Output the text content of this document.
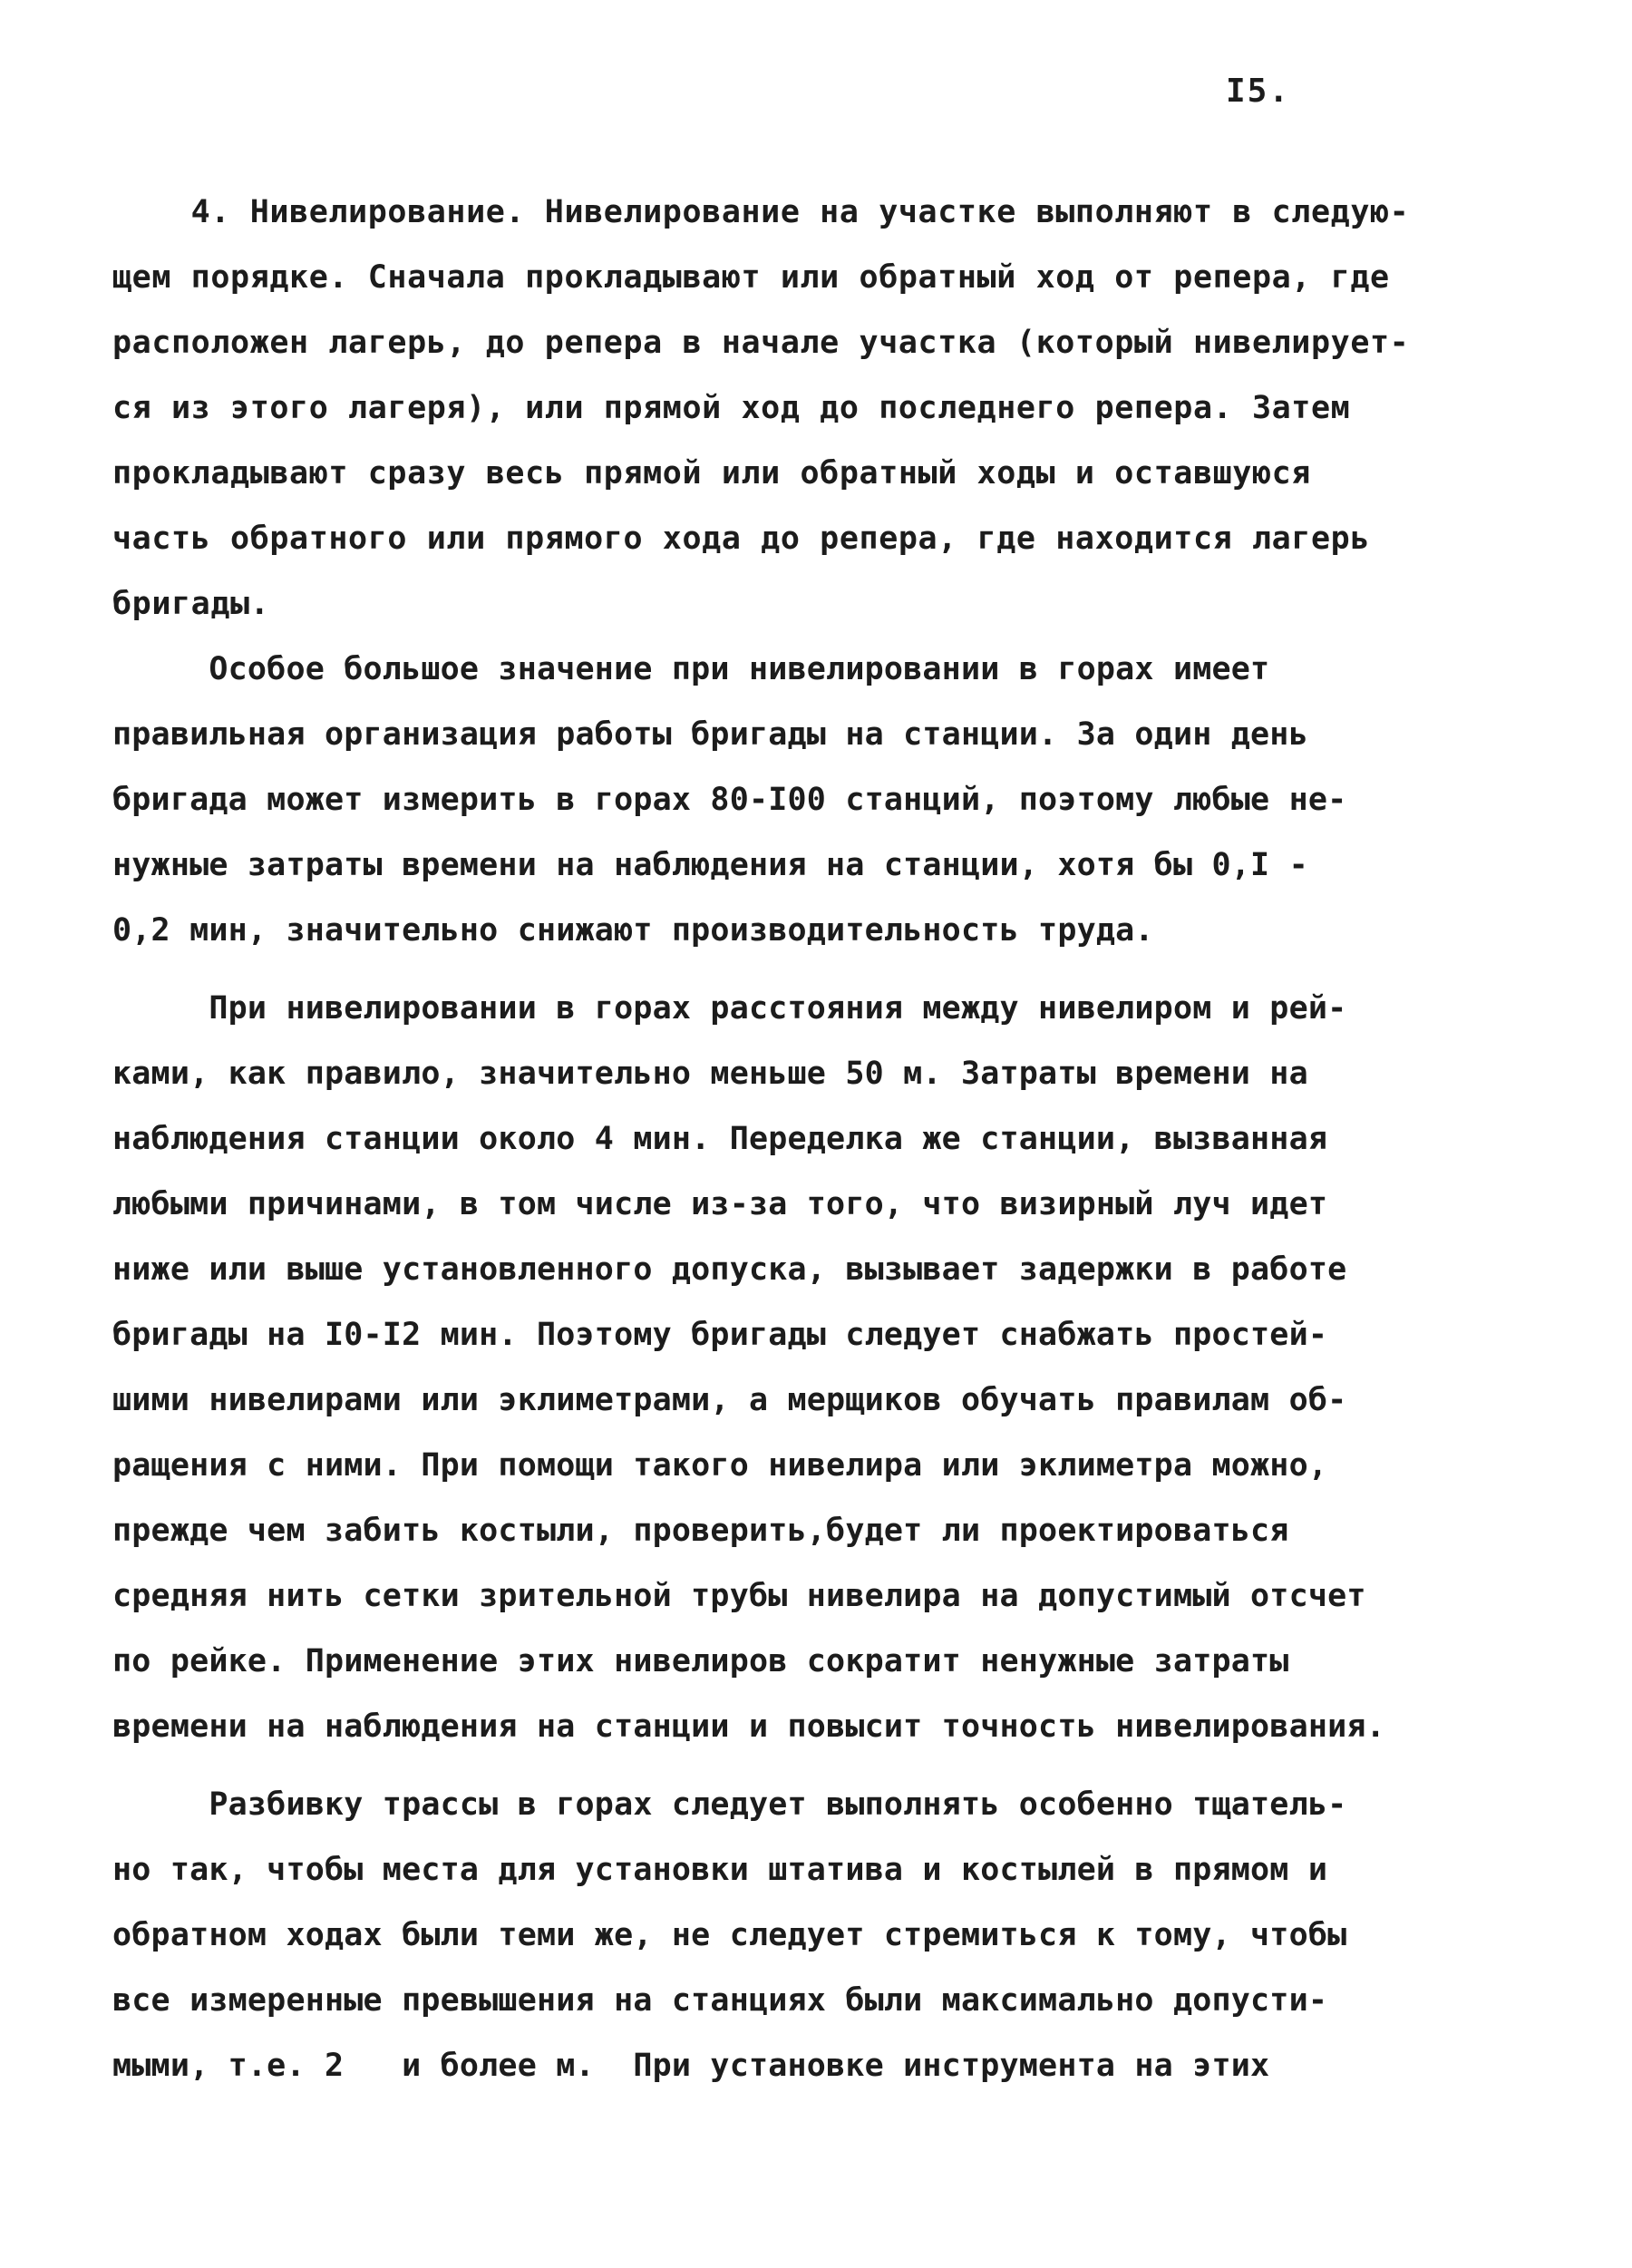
I5.
4. Нивелирование. Нивелирование на участке выполняют в следую-
щем порядке. Сначала прокладывают или обратный ход от репера, где
расположен лагерь, до репера в начале участка (который нивелирует-
ся из этого лагеря), или прямой ход до последнего репера. Затем
прокладывают сразу весь прямой или обратный ходы и оставшуюся
часть обратного или прямого хода до репера, где находится лагерь
бригады.
Особое большое значение при нивелировании в горах имеет
правильная организация работы бригады на станции. За один день
бригада может измерить в горах 80-I00 станций, поэтому любые не-
нужные затраты времени на наблюдения на станции, хотя бы 0,I -
0,2 мин, значительно снижают производительность труда.
При нивелировании в горах расстояния между нивелиром и рей-
ками, как правило, значительно меньше 50 м. Затраты времени на
наблюдения станции около 4 мин. Переделка же станции, вызванная
любыми причинами, в том числе из-за того, что визирный луч идет
ниже или выше установленного допуска, вызывает задержки в работе
бригады на I0-I2 мин. Поэтому бригады следует снабжать простей-
шими нивелирами или эклиметрами, а мерщиков обучать правилам об-
ращения с ними. При помощи такого нивелира или эклиметра можно,
прежде чем забить костыли, проверить,будет ли проектироваться
средняя нить сетки зрительной трубы нивелира на допустимый отсчет
по рейке. Применение этих нивелиров сократит ненужные затраты
времени на наблюдения на станции и повысит точность нивелирования.
Разбивку трассы в горах следует выполнять особенно тщатель-
но так, чтобы места для установки штатива и костылей в прямом и
обратном ходах были теми же, не следует стремиться к тому, чтобы
все измеренные превышения на станциях были максимально допусти-
мыми, т.е. 2   и более м.  При установке инструмента на этих
